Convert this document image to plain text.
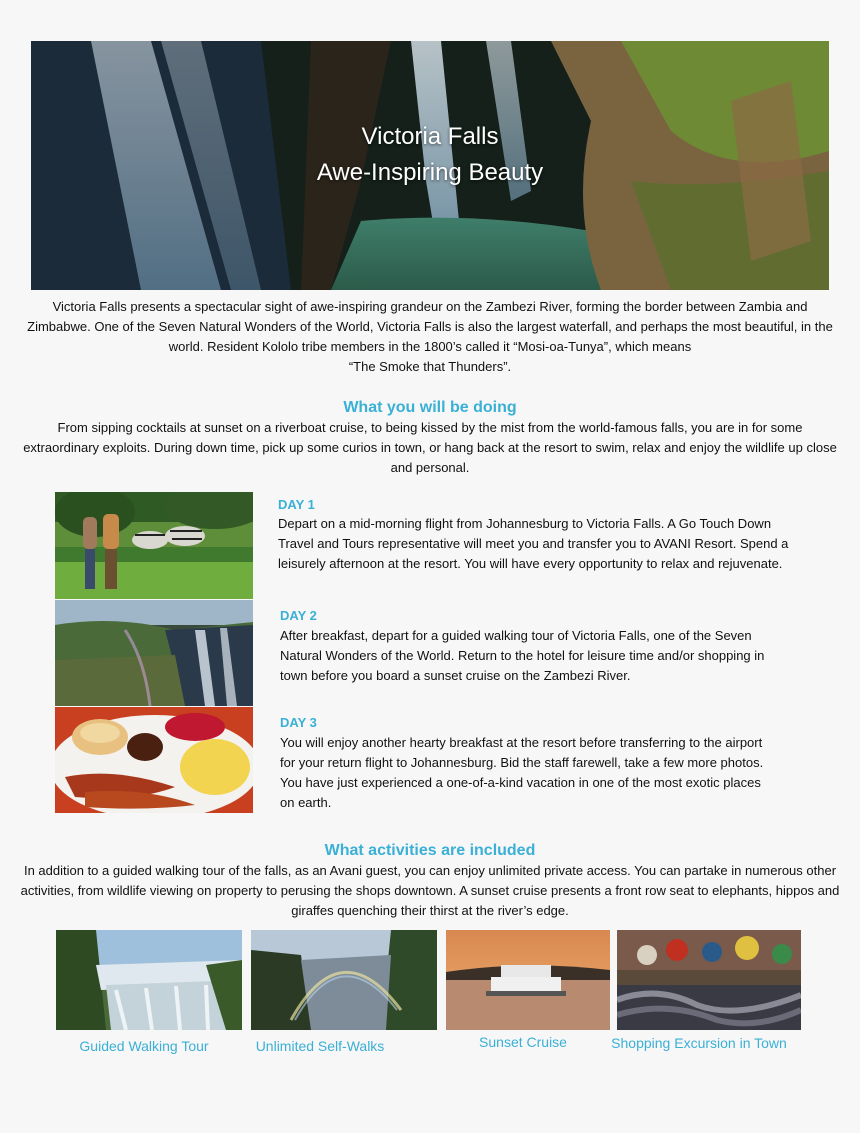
Victoria Falls
Awe-Inspiring Beauty
Victoria Falls presents a spectacular sight of awe-inspiring grandeur on the Zambezi River, forming the border between Zambia and Zimbabwe. One of the Seven Natural Wonders of the World, Victoria Falls is also the largest waterfall, and perhaps the most beautiful, in the world. Resident Kololo tribe members in the 1800’s called it “Mosi-oa-Tunya”, which means
“The Smoke that Thunders”.
What you will be doing
From sipping cocktails at sunset on a riverboat cruise, to being kissed by the mist from the world-famous falls, you are in for some extraordinary exploits. During down time, pick up some curios in town, or hang back at the resort to swim, relax and enjoy the wildlife up close and personal.
DAY 1
Depart on a mid-morning flight from Johannesburg to Victoria Falls. A Go Touch Down Travel and Tours representative will meet you and transfer you to AVANI Resort. Spend a leisurely afternoon at the resort. You will have every opportunity to relax and rejuvenate.
DAY 2
After breakfast, depart for a guided walking tour of Victoria Falls, one of the Seven Natural Wonders of the World. Return to the hotel for leisure time and/or shopping in town before you board a sunset cruise on the Zambezi River.
DAY 3
You will enjoy another hearty breakfast at the resort before transferring to the airport for your return flight to Johannesburg. Bid the staff farewell, take a few more photos. You have just experienced a one-of-a-kind vacation in one of the most exotic places on earth.
What activities are included
In addition to a guided walking tour of the falls, as an Avani guest, you can enjoy unlimited private access. You can partake in numerous other activities, from wildlife viewing on property to perusing the shops downtown. A sunset cruise presents a front row seat to elephants, hippos and giraffes quenching their thirst at the river’s edge.
Guided Walking Tour	Unlimited Self-Walks	Sunset Cruise	Shopping Excursion in Town
